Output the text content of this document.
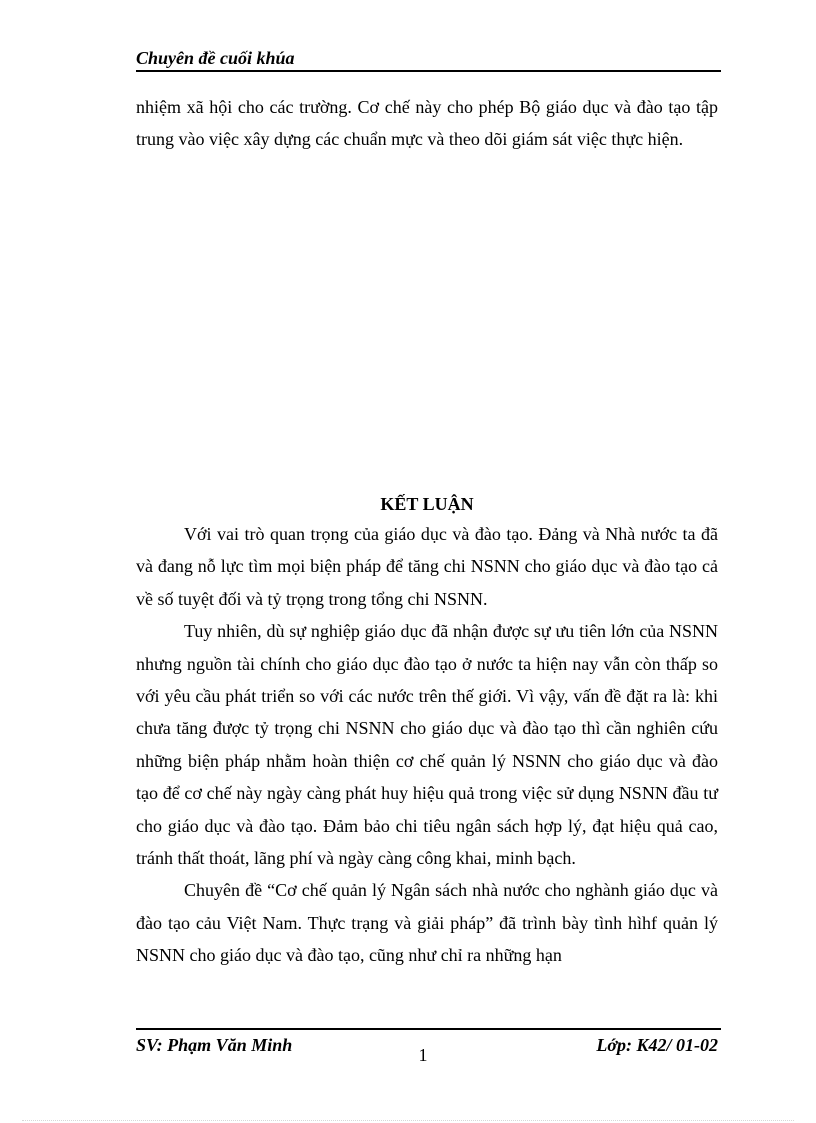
Chuyên đề cuối khúa

nhiệm xã hội cho các trường. Cơ chế này cho phép Bộ giáo dục và đào tạo tập trung vào việc xây dựng các chuẩn mực và theo dõi giám sát việc thực hiện.

KẾT LUẬN

Với vai trò quan trọng của giáo dục và đào tạo. Đảng và Nhà nước ta đã và đang nỗ lực tìm mọi biện pháp để tăng chi NSNN cho giáo dục và đào tạo cả về số tuyệt đối và tỷ trọng trong tổng chi NSNN.

Tuy nhiên, dù sự nghiệp giáo dục đã nhận được sự ưu tiên lớn của NSNN nhưng nguồn tài chính cho giáo dục đào tạo ở nước ta hiện nay vẫn còn thấp so với yêu cầu phát triển so với các nước trên thế giới. Vì vậy, vấn đề đặt ra là: khi chưa tăng được tỷ trọng chi NSNN cho giáo dục và đào tạo thì cần nghiên cứu những biện pháp nhằm hoàn thiện cơ chế quản lý NSNN cho giáo dục và đào tạo để cơ chế này ngày càng phát huy hiệu quả trong việc sử dụng NSNN đầu tư cho giáo dục và đào tạo. Đảm bảo chi tiêu ngân sách hợp lý, đạt hiệu quả cao, tránh thất thoát, lãng phí và ngày càng công khai, minh bạch.

Chuyên đề “Cơ chế quản lý Ngân sách nhà nước cho nghành giáo dục và đào tạo cảu Việt Nam. Thực trạng và giải pháp” đã trình bày tình hìhf quản lý NSNN cho giáo dục và đào tạo, cũng như chỉ ra những hạn

SV: Phạm Văn Minh	1	Lớp: K42/ 01-02
